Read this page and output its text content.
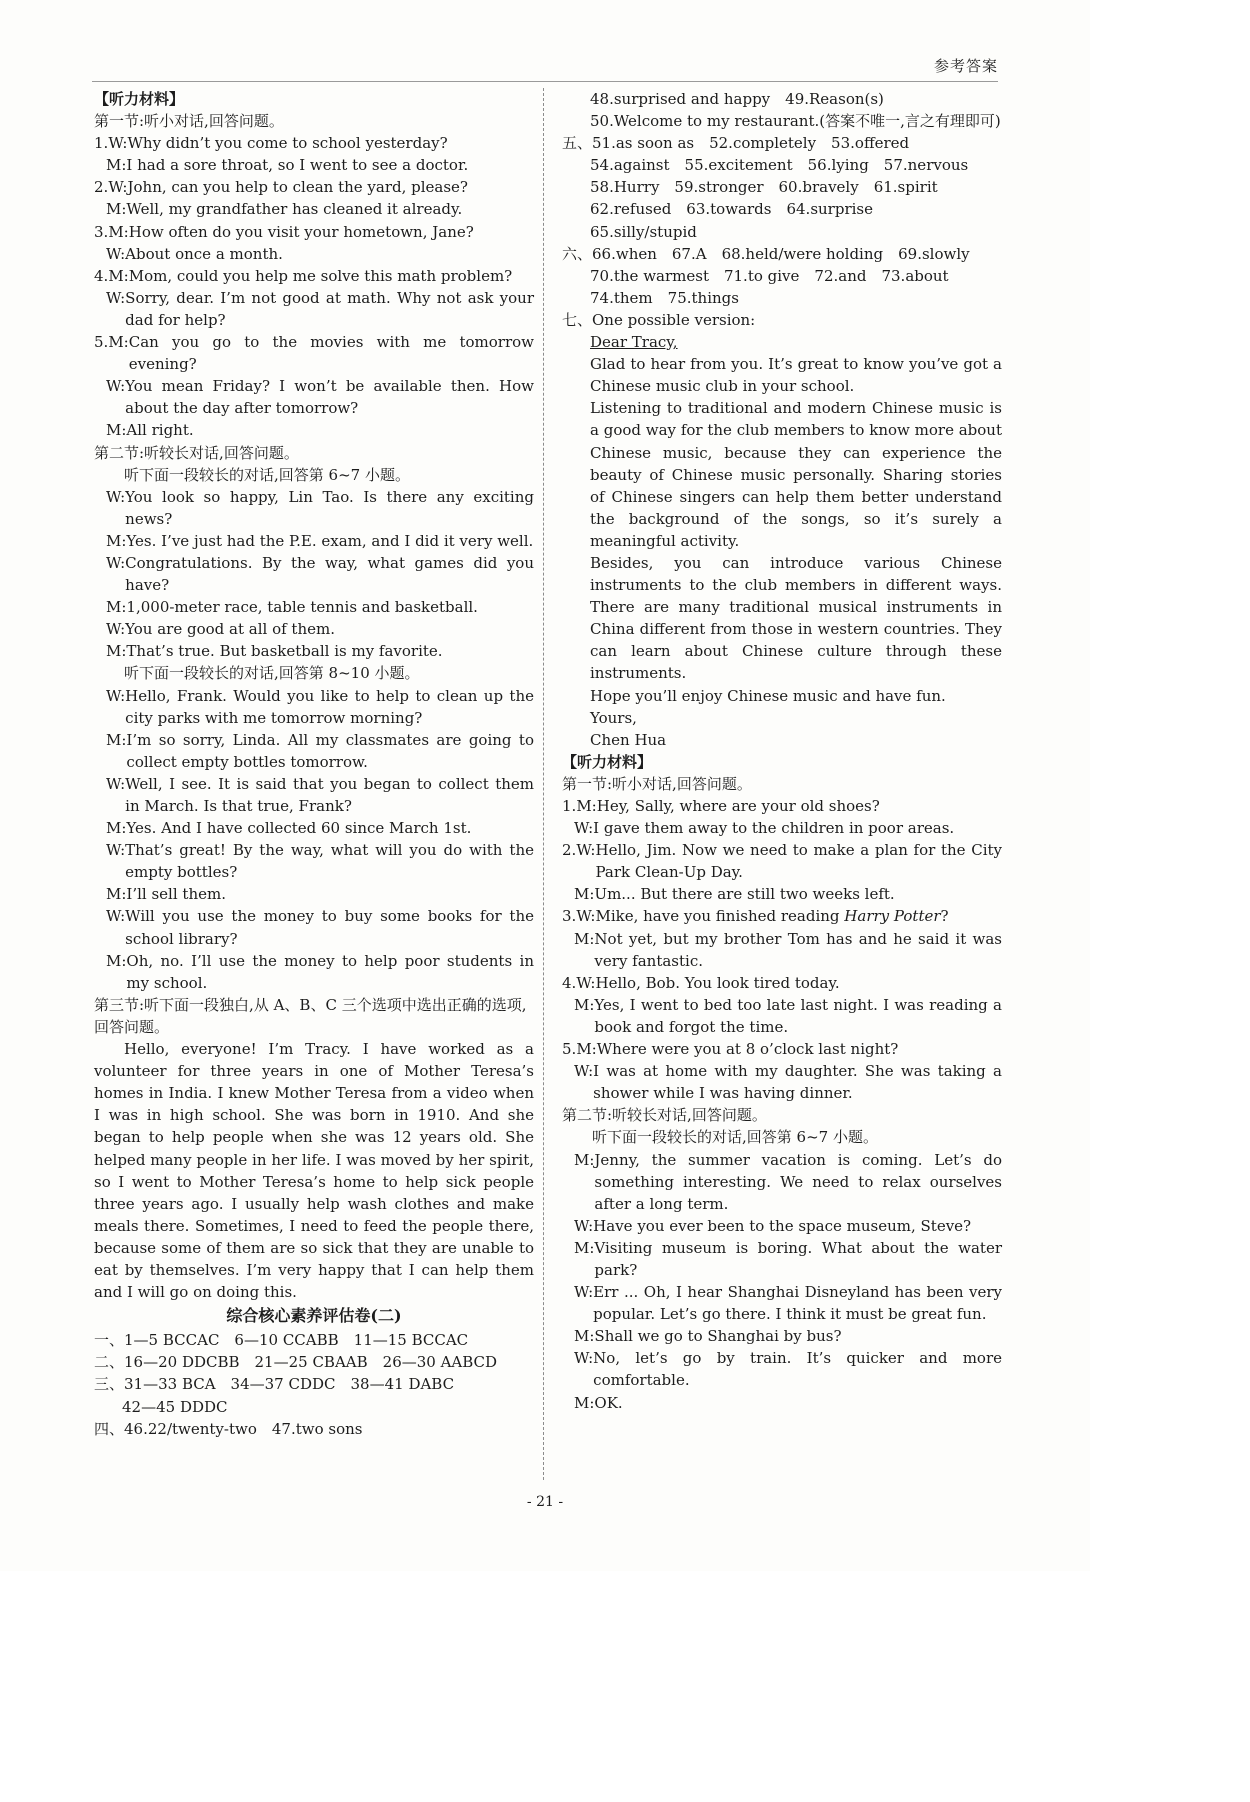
参考答案
【听力材料】
第一节:听小对话,回答问题。
1. W: Why didn’t you come to school yesterday?
M: I had a sore throat, so I went to see a doctor.
2. W: John, can you help to clean the yard, please?
M: Well, my grandfather has cleaned it already.
3. M: How often do you visit your hometown, Jane?
W: About once a month.
4. M: Mom, could you help me solve this math problem?
W: Sorry, dear. I’m not good at math. Why not ask your dad for help?
5. M: Can you go to the movies with me tomorrow evening?
W: You mean Friday? I won’t be available then. How about the day after tomorrow?
M: All right.
第二节:听较长对话,回答问题。
听下面一段较长的对话,回答第 6~7 小题。
W: You look so happy, Lin Tao. Is there any exciting news?
M: Yes. I’ve just had the P.E. exam, and I did it very well.
W: Congratulations. By the way, what games did you have?
M: 1,000-meter race, table tennis and basketball.
W: You are good at all of them.
M: That’s true. But basketball is my favorite.
听下面一段较长的对话,回答第 8~10 小题。
W: Hello, Frank. Would you like to help to clean up the city parks with me tomorrow morning?
M: I’m so sorry, Linda. All my classmates are going to collect empty bottles tomorrow.
W: Well, I see. It is said that you began to collect them in March. Is that true, Frank?
M: Yes. And I have collected 60 since March 1st.
W: That’s great! By the way, what will you do with the empty bottles?
M: I’ll sell them.
W: Will you use the money to buy some books for the school library?
M: Oh, no. I’ll use the money to help poor students in my school.
第三节:听下面一段独白,从 A、B、C 三个选项中选出正确的选项,回答问题。
Hello, everyone! I’m Tracy. I have worked as a volunteer for three years in one of Mother Teresa’s homes in India. I knew Mother Teresa from a video when I was in high school. She was born in 1910. And she began to help people when she was 12 years old. She helped many people in her life. I was moved by her spirit, so I went to Mother Teresa’s home to help sick people three years ago. I usually help wash clothes and make meals there. Sometimes, I need to feed the people there, because some of them are so sick that they are unable to eat by themselves. I’m very happy that I can help them and I will go on doing this.
综合核心素养评估卷(二)
一、1—5 BCCAC　6—10 CCABB　11—15 BCCAC
二、16—20 DDCBB　21—25 CBAAB　26—30 AABCD
三、31—33 BCA　34—37 CDDC　38—41 DABC
42—45 DDDC
四、46.22/twenty-two　47.two sons
48.surprised and happy　49.Reason(s)
50.Welcome to my restaurant.(答案不唯一,言之有理即可)
五、51.as soon as　52.completely　53.offered
54.against　55.excitement　56.lying　57.nervous
58.Hurry　59.stronger　60.bravely　61.spirit
62.refused　63.towards　64.surprise
65.silly/stupid
六、66.when　67.A　68.held/were holding　69.slowly
70.the warmest　71.to give　72.and　73.about
74.them　75.things
七、One possible version:
Dear Tracy,
Glad to hear from you. It’s great to know you’ve got a Chinese music club in your school.
Listening to traditional and modern Chinese music is a good way for the club members to know more about Chinese music, because they can experience the beauty of Chinese music personally. Sharing stories of Chinese singers can help them better understand the background of the songs, so it’s surely a meaningful activity.
Besides, you can introduce various Chinese instruments to the club members in different ways. There are many traditional musical instruments in China different from those in western countries. They can learn about Chinese culture through these instruments.
Hope you’ll enjoy Chinese music and have fun.
Yours,
Chen Hua
【听力材料】
第一节:听小对话,回答问题。
1. M: Hey, Sally, where are your old shoes?
W: I gave them away to the children in poor areas.
2. W: Hello, Jim. Now we need to make a plan for the City Park Clean-Up Day.
M: Um... But there are still two weeks left.
3. W: Mike, have you finished reading Harry Potter?
M: Not yet, but my brother Tom has and he said it was very fantastic.
4. W: Hello, Bob. You look tired today.
M: Yes, I went to bed too late last night. I was reading a book and forgot the time.
5. M: Where were you at 8 o’clock last night?
W: I was at home with my daughter. She was taking a shower while I was having dinner.
第二节:听较长对话,回答问题。
听下面一段较长的对话,回答第 6~7 小题。
M: Jenny, the summer vacation is coming. Let’s do something interesting. We need to relax ourselves after a long term.
W: Have you ever been to the space museum, Steve?
M: Visiting museum is boring. What about the water park?
W: Err ... Oh, I hear Shanghai Disneyland has been very popular. Let’s go there. I think it must be great fun.
M: Shall we go to Shanghai by bus?
W: No, let’s go by train. It’s quicker and more comfortable.
M: OK.
- 21 -
